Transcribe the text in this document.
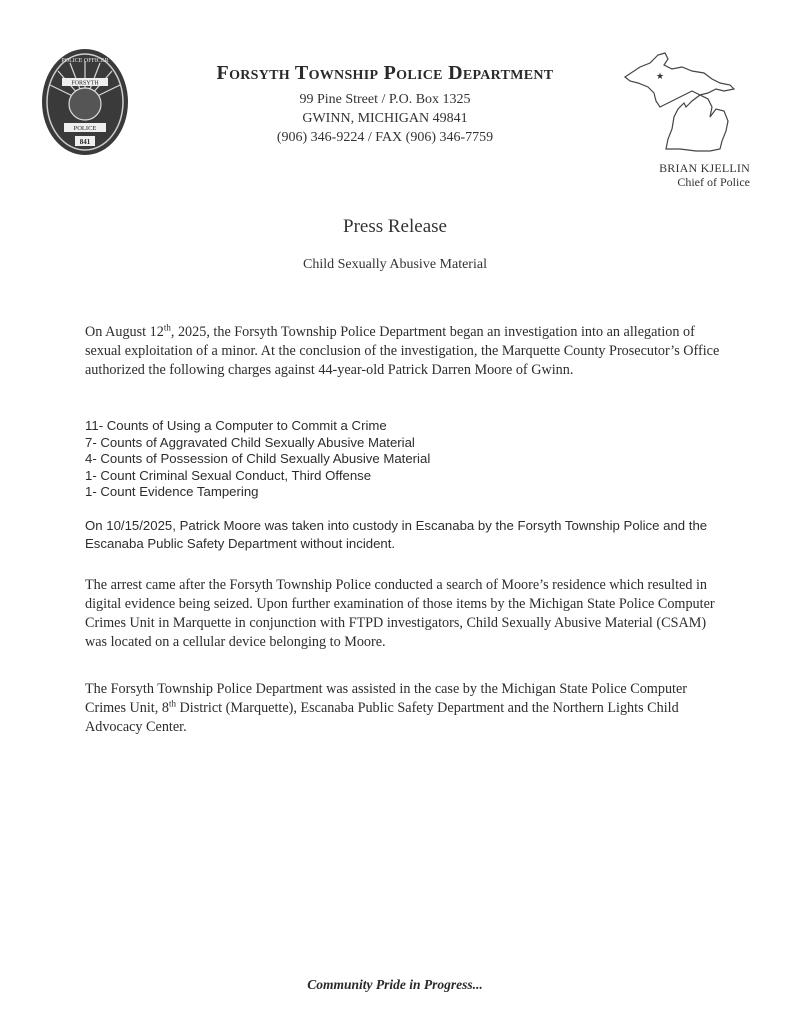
FORSYTH
POLICE OFFICER
POLICE
841
Forsyth Township Police Department
99 Pine Street / P.O. Box 1325
GWINN, MICHIGAN 49841
(906) 346-9224 / FAX (906) 346-7759
★
BRIAN KJELLIN
Chief of Police
Press Release
Child Sexually Abusive Material
On August 12th, 2025, the Forsyth Township Police Department began an investigation into an allegation of sexual exploitation of a minor. At the conclusion of the investigation, the Marquette County Prosecutor’s Office authorized the following charges against 44-year-old Patrick Darren Moore of Gwinn.
11- Counts of Using a Computer to Commit a Crime
7- Counts of Aggravated Child Sexually Abusive Material
4- Counts of Possession of Child Sexually Abusive Material
1- Count Criminal Sexual Conduct, Third Offense
1- Count Evidence Tampering
On 10/15/2025, Patrick Moore was taken into custody in Escanaba by the Forsyth Township Police and the Escanaba Public Safety Department without incident.
The arrest came after the Forsyth Township Police conducted a search of Moore’s residence which resulted in digital evidence being seized. Upon further examination of those items by the Michigan State Police Computer Crimes Unit in Marquette in conjunction with FTPD investigators, Child Sexually Abusive Material (CSAM) was located on a cellular device belonging to Moore.
The Forsyth Township Police Department was assisted in the case by the Michigan State Police Computer Crimes Unit, 8th District (Marquette), Escanaba Public Safety Department and the Northern Lights Child Advocacy Center.
Community Pride in Progress...
